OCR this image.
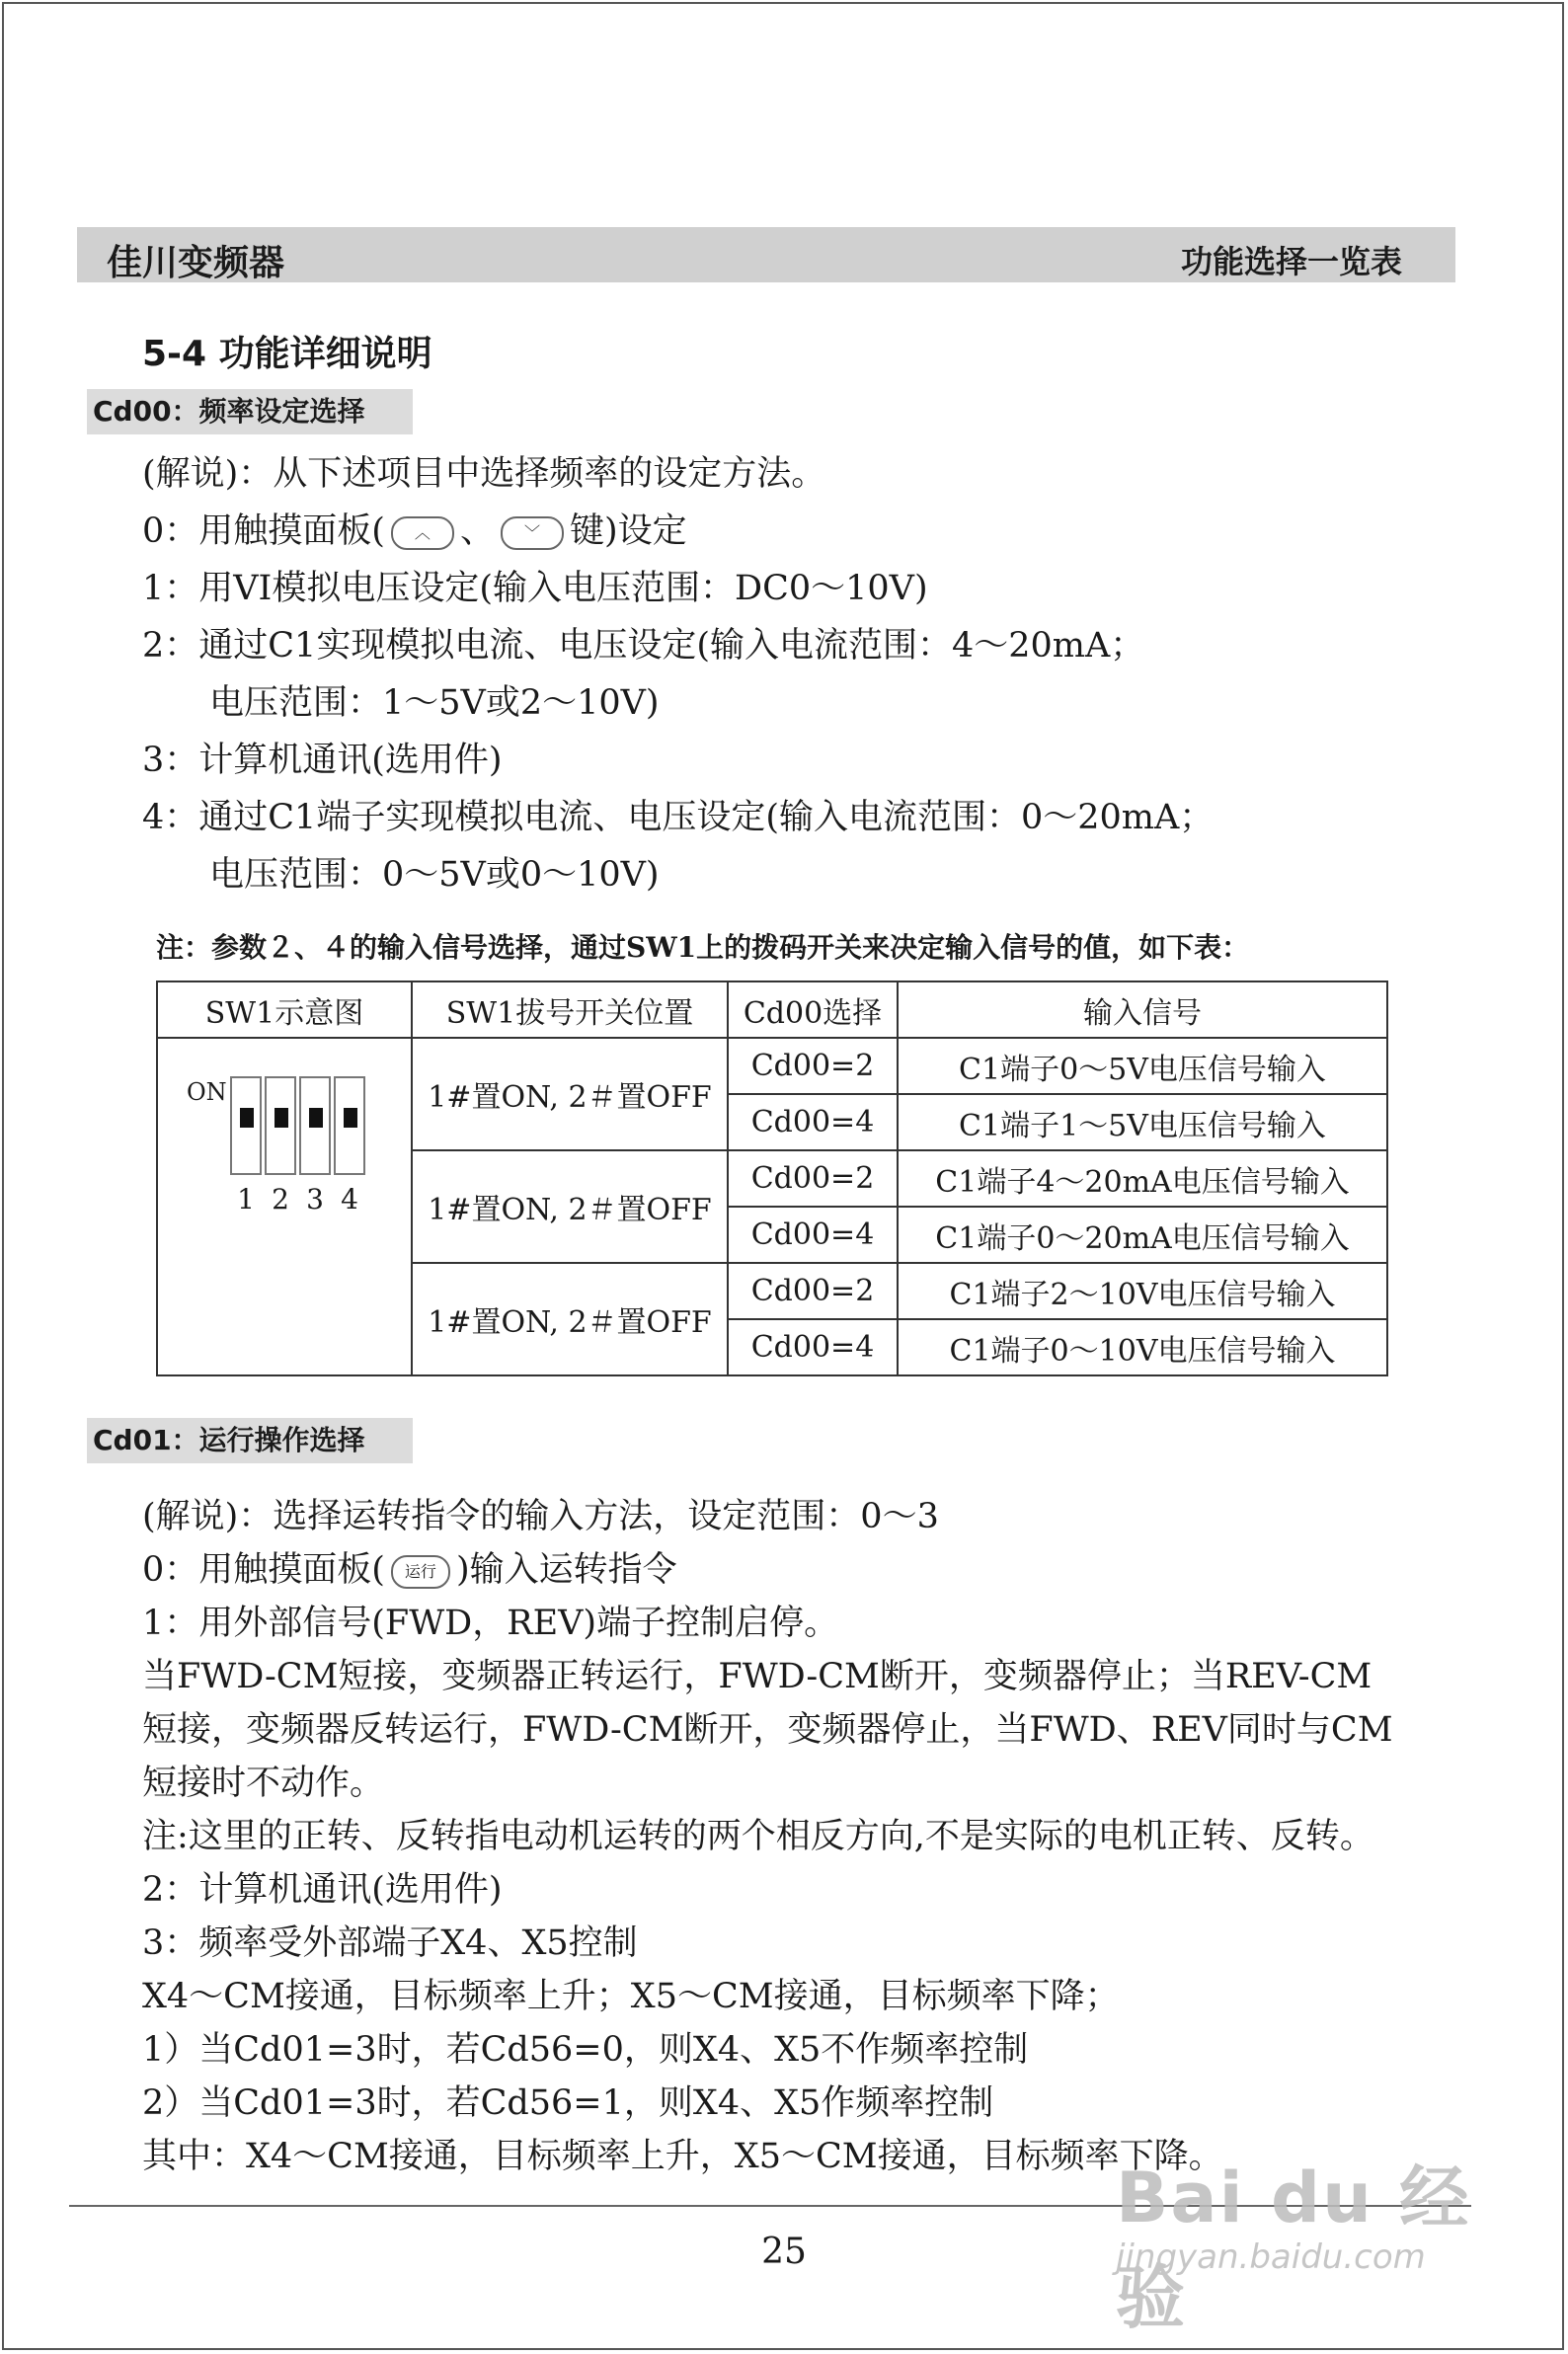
佳川变频器	功能选择一览表
5-4 功能详细说明
Cd00：频率设定选择
(解说)：从下述项目中选择频率的设定方法。
0：用触摸面板( ︿ 、 ﹀ 键)设定
1：用VI模拟电压设定(输入电压范围：DC0～10V)
2：通过C1实现模拟电流、电压设定(输入电流范围：4～20mA；
电压范围：1～5V或2～10V)
3：计算机通讯(选用件)
4：通过C1端子实现模拟电流、电压设定(输入电流范围：0～20mA；
电压范围：0～5V或0～10V)
注：参数２、４的输入信号选择，通过SW1上的拨码开关来决定输入信号的值，如下表：
SW1示意图	SW1拔号开关位置	Cd00选择	输入信号

ON
1 2 3 4	1#置ON, 2＃置OFF	Cd00=2	C1端子0～5V电压信号输入
		Cd00=4	C1端子1～5V电压信号输入
	1#置ON, 2＃置OFF	Cd00=2	C1端子4～20mA电压信号输入
		Cd00=4	C1端子0～20mA电压信号输入
	1#置ON, 2＃置OFF	Cd00=2	C1端子2～10V电压信号输入
		Cd00=4	C1端子0～10V电压信号输入
Cd01：运行操作选择
(解说)：选择运转指令的输入方法，设定范围：0～3
0：用触摸面板( 运行 )输入运转指令
1：用外部信号(FWD，REV)端子控制启停。
当FWD-CM短接，变频器正转运行，FWD-CM断开，变频器停止；当REV-CM
短接，变频器反转运行，FWD-CM断开，变频器停止，当FWD、REV同时与CM
短接时不动作。
注:这里的正转、反转指电动机运转的两个相反方向,不是实际的电机正转、反转。
2：计算机通讯(选用件)
3：频率受外部端子X4、X5控制
X4～CM接通，目标频率上升；X5～CM接通，目标频率下降；
1）当Cd01=3时，若Cd56=0，则X4、X5不作频率控制
2）当Cd01=3时，若Cd56=1，则X4、X5作频率控制
其中：X4～CM接通，目标频率上升，X5～CM接通，目标频率下降。
25
Bai du 经验
jingyan.baidu.com
